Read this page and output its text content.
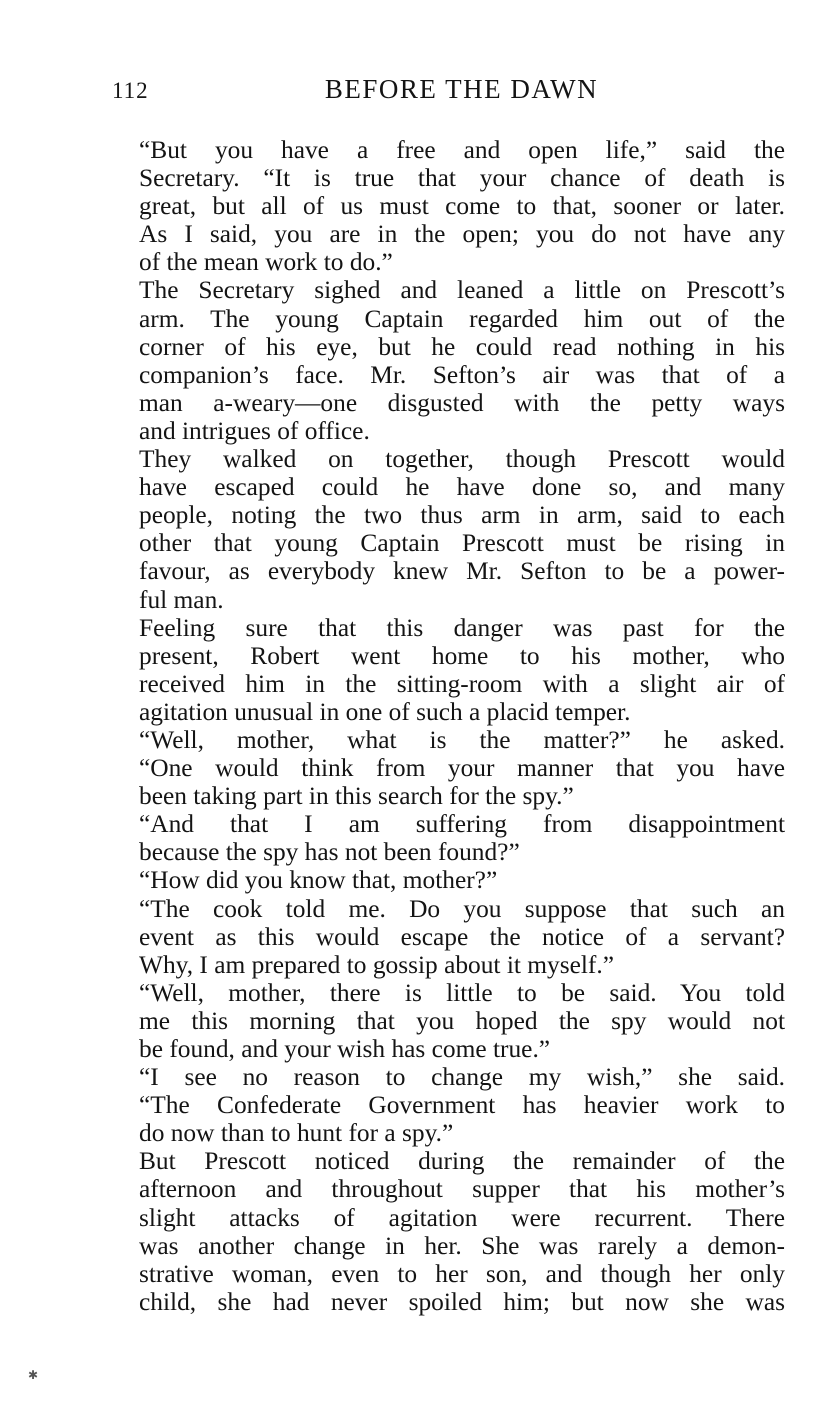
112	BEFORE THE DAWN

“But you have a free and open life,” said the
Secretary. “It is true that your chance of death is
great, but all of us must come to that, sooner or later.
As I said, you are in the open; you do not have any
of the mean work to do.”

The Secretary sighed and leaned a little on Prescott’s
arm. The young Captain regarded him out of the
corner of his eye, but he could read nothing in his
companion’s face. Mr. Sefton’s air was that of a
man a-weary—one disgusted with the petty ways
and intrigues of office.

They walked on together, though Prescott would
have escaped could he have done so, and many
people, noting the two thus arm in arm, said to each
other that young Captain Prescott must be rising in
favour, as everybody knew Mr. Sefton to be a power-
ful man.

Feeling sure that this danger was past for the
present, Robert went home to his mother, who
received him in the sitting-room with a slight air of
agitation unusual in one of such a placid temper.

“Well, mother, what is the matter?” he asked.
“One would think from your manner that you have
been taking part in this search for the spy.”

“And that I am suffering from disappointment
because the spy has not been found?”

“How did you know that, mother?”

“The cook told me. Do you suppose that such an
event as this would escape the notice of a servant?
Why, I am prepared to gossip about it myself.”

“Well, mother, there is little to be said. You told
me this morning that you hoped the spy would not
be found, and your wish has come true.”

“I see no reason to change my wish,” she said.
“The Confederate Government has heavier work to
do now than to hunt for a spy.”

But Prescott noticed during the remainder of the
afternoon and throughout supper that his mother’s
slight attacks of agitation were recurrent. There
was another change in her. She was rarely a demon-
strative woman, even to her son, and though her only
child, she had never spoiled him; but now she was

✱
